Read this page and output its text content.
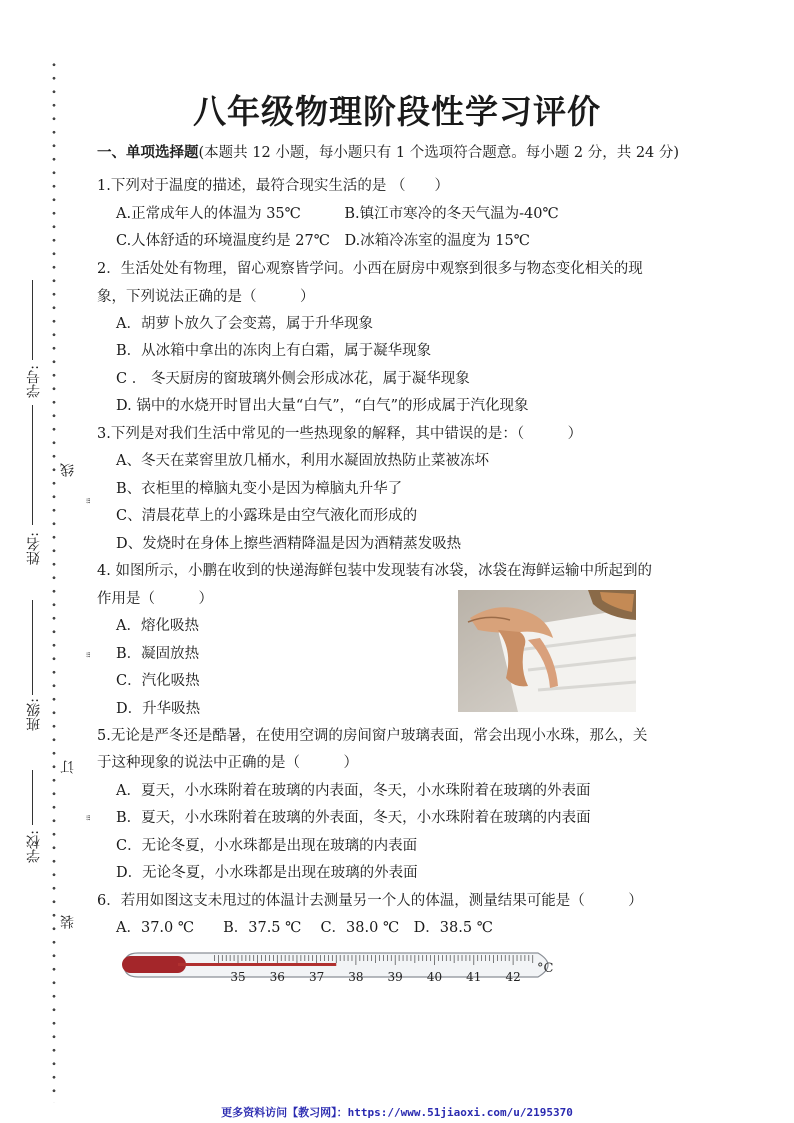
学号:
线
ᵢᵢᵢ
姓名:
ᵢᵢᵢ
班级:
订
ᵢᵢᵢ
学校:
装
八年级物理阶段性学习评价
一、单项选择题(本题共 12 小题，每小题只有 1 个选项符合题意。每小题 2 分，共 24 分)
1.下列对于温度的描述，最符合现实生活的是 （　　）
A.正常成年人的体温为 35℃　　　B.镇江市寒冷的冬天气温为-40℃
C.人体舒适的环境温度约是 27℃　D.冰箱冷冻室的温度为 15℃
2．生活处处有物理，留心观察皆学问。小西在厨房中观察到很多与物态变化相关的现
象，下列说法正确的是（　　　）
A．胡萝卜放久了会变蔫，属于升华现象
B．从冰箱中拿出的冻肉上有白霜，属于凝华现象
C ． 冬天厨房的窗玻璃外侧会形成冰花，属于凝华现象
D. 锅中的水烧开时冒出大量“白气”，“白气”的形成属于汽化现象
3.下列是对我们生活中常见的一些热现象的解释，其中错误的是：（　　　）
A、冬天在菜窖里放几桶水，利用水凝固放热防止菜被冻坏
B、衣柜里的樟脑丸变小是因为樟脑丸升华了
C、清晨花草上的小露珠是由空气液化而形成的
D、发烧时在身体上擦些酒精降温是因为酒精蒸发吸热
4. 如图所示，小鹏在收到的快递海鲜包装中发现装有冰袋，冰袋在海鲜运输中所起到的
作用是（　　　）
A．熔化吸热
B．凝固放热
C．汽化吸热
D．升华吸热
5.无论是严冬还是酷暑，在使用空调的房间窗户玻璃表面，常会出现小水珠，那么，关
于这种现象的说法中正确的是（　　　）
A．夏天，小水珠附着在玻璃的内表面，冬天，小水珠附着在玻璃的外表面
B．夏天，小水珠附着在玻璃的外表面，冬天，小水珠附着在玻璃的内表面
C．无论冬夏，小水珠都是出现在玻璃的内表面
D．无论冬夏，小水珠都是出现在玻璃的外表面
6．若用如图这支未甩过的体温计去测量另一个人的体温，测量结果可能是（　　　）
A．37.0 ℃　　B．37.5 ℃　 C．38.0 ℃　D．38.5 ℃
35 36 37 38 39 40 41 42
°C
更多资料访问【教习网】：https://www.51jiaoxi.com/u/2195370
